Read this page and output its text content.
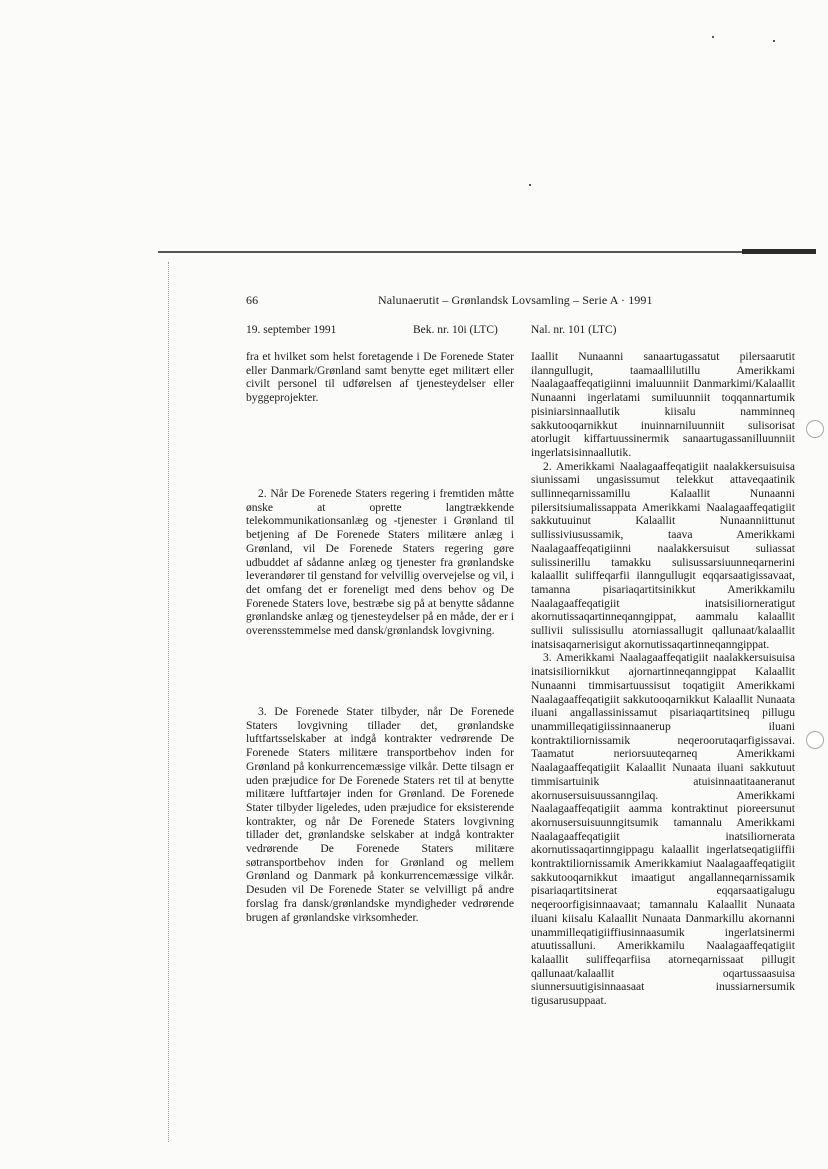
66	Nalunaerutit – Grønlandsk Lovsamling – Serie A · 1991
19. september 1991	Bek. nr. 10i (LTC)	Nal. nr. 101 (LTC)

fra et hvilket som helst foretagende i De Forenede Stater eller Danmark/Grønland samt benytte eget militært eller civilt personel til udførelsen af tjenesteydelser eller byggeprojekter.

2. Når De Forenede Staters regering i fremtiden måtte ønske at oprette langtrækkende telekommunikationsanlæg og -tjenester i Grønland til betjening af De Forenede Staters militære anlæg i Grønland, vil De Forenede Staters regering gøre udbuddet af sådanne anlæg og tjenester fra grønlandske leverandører til genstand for velvillig overvejelse og vil, i det omfang det er foreneligt med dens behov og De Forenede Staters love, bestræbe sig på at benytte sådanne grønlandske anlæg og tjenesteydelser på en måde, der er i overensstemmelse med dansk/grønlandsk lovgivning.

3. De Forenede Stater tilbyder, når De Forenede Staters lovgivning tillader det, grønlandske luftfartsselskaber at indgå kontrakter vedrørende De Forenede Staters militære transportbehov inden for Grønland på konkurrencemæssige vilkår. Dette tilsagn er uden præjudice for De Forenede Staters ret til at benytte militære luftfartøjer inden for Grønland. De Forenede Stater tilbyder ligeledes, uden præjudice for eksisterende kontrakter, og når De Forenede Staters lovgivning tillader det, grønlandske selskaber at indgå kontrakter vedrørende De Forenede Staters militære søtransportbehov inden for Grønland og mellem Grønland og Danmark på konkurrencemæssige vilkår. Desuden vil De Forenede Stater se velvilligt på andre forslag fra dansk/grønlandske myndigheder vedrørende brugen af grønlandske virksomheder.

Iaallit Nunaanni sanaartugassatut pilersaarutit ilanngullugit, taamaallilutillu Amerikkami Naalagaaffeqatigiinni imaluunniit Danmarkimi/Kalaallit Nunaanni ingerlatami sumiluunniit toqqannartumik pisiniarsinnaallutik kiisalu namminneq sakkutooqarnikkut inuinnarniluunniit sulisorisat atorlugit kiffartuussinermik sanaartugassanilluunniit ingerlatsisinnaallutik.

2. Amerikkami Naalagaaffeqatigiit naalakkersuisuisa siunissami ungasissumut telekkut attaveqaatinik sullinneqarnissamillu Kalaallit Nunaanni pilersitsiumalissappata Amerikkami Naalagaaffeqatigiit sakkutuuinut Kalaallit Nunaanniittunut sullissiviusussamik, taava Amerikkami Naalagaaffeqatigiinni naalakkersuisut suliassat sulissinerillu tamakku sulisussarsiuunneqarnerini kalaallit suliffeqarfii ilanngullugit eqqarsaatigissavaat, tamanna pisariaqartitsinikkut Amerikkamilu Naalagaaffeqatigiit inatsisiliorneratigut akornutissaqartinneqanngippat, aammalu kalaallit sullivii sulissisullu atorniassallugit qallunaat/kalaallit inatsisaqarnerisigut akornutissaqartinneqanngippat.

3. Amerikkami Naalagaaffeqatigiit naalakkersuisuisa inatsisiliornikkut ajornartinneqanngippat Kalaallit Nunaanni timmisartuussisut toqatigiit Amerikkami Naalagaaffeqatigiit sakkutooqarnikkut Kalaallit Nunaata iluani angallassinissamut pisariaqartitsineq pillugu unammilleqatigiissinnaanerup iluani kontraktiliornissamik neqeroorutaqarfigissavai. Taamatut neriorsuuteqarneq Amerikkami Naalagaaffeqatigiit Kalaallit Nunaata iluani sakkutuut timmisartuinik atuisinnaatitaaneranut akornusersuisuussanngilaq. Amerikkami Naalagaaffeqatigiit aamma kontraktinut pioreersunut akornusersuisuunngitsumik tamannalu Amerikkami Naalagaaffeqatigiit inatsiliornerata akornutissaqartinngippagu kalaallit ingerlatseqatigiiffii kontraktiliornissamik Amerikkamiut Naalagaaffeqatigiit sakkutooqarnikkut imaatigut angallanneqarnissamik pisariaqartitsinerat eqqarsaatigalugu neqeroorfigisinnaavaat; tamannalu Kalaallit Nunaata iluani kiisalu Kalaallit Nunaata Danmarkillu akornanni unammilleqatigiiffiusinnaasumik ingerlatsinermi atuutissalluni. Amerikkamilu Naalagaaffeqatigiit kalaallit suliffeqarfiisa atorneqarnissaat pillugit qallunaat/kalaallit oqartussaasuisa siunnersuutigisinnaasaat inussiarnersumik tigusarusuppaat.
